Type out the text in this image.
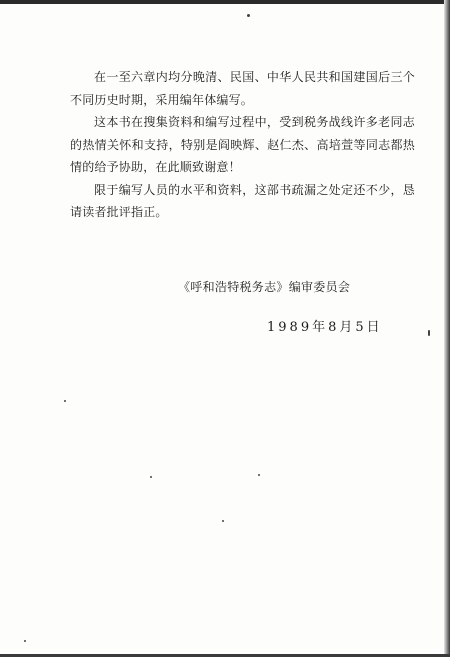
在一至六章内均分晚清、民国、中华人民共和国建国后三个不同历史时期，采用编年体编写。

这本书在搜集资料和编写过程中，受到税务战线许多老同志的热情关怀和支持，特别是阎映辉、赵仁杰、高培萱等同志都热情的给予协助，在此顺致谢意！

限于编写人员的水平和资料，这部书疏漏之处定还不少，恳请读者批评指正。

《呼和浩特税务志》编审委员会
1989年8月5日
